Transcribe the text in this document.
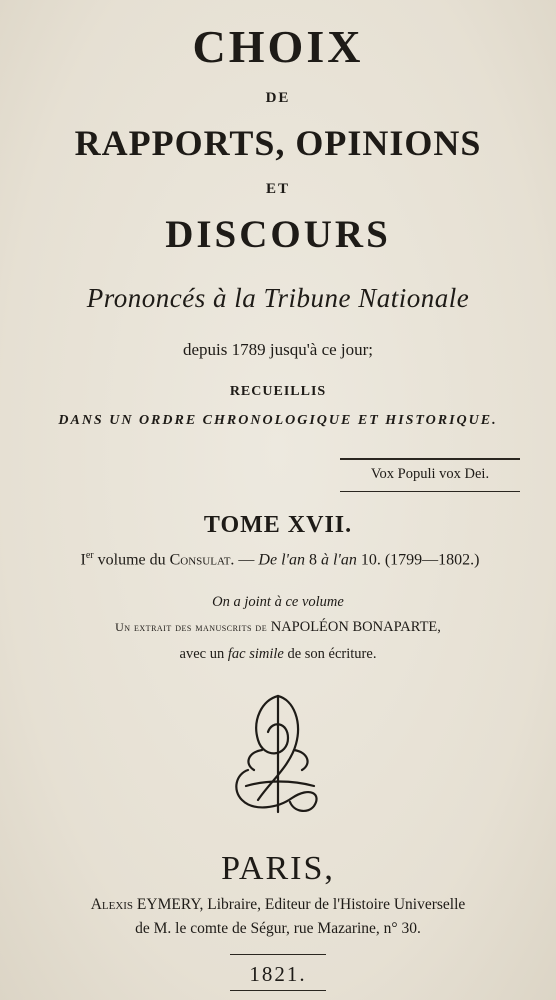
CHOIX
DE
RAPPORTS, OPINIONS
ET
DISCOURS
Prononcés à la Tribune Nationale
depuis 1789 jusqu'à ce jour;
RECUEILLIS
DANS UN ORDRE CHRONOLOGIQUE ET HISTORIQUE.
Vox Populi vox Dei.
TOME XVII.
Ier volume du Consulat. — De l'an 8 à l'an 10. (1799—1802.)
On a joint à ce volume
Un extrait des manuscrits de NAPOLÉON BONAPARTE,
avec un fac simile de son écriture.
PARIS,
Alexis EYMERY, Libraire, Editeur de l'Histoire Universelle
de M. le comte de Ségur, rue Mazarine, n° 30.
1821.
